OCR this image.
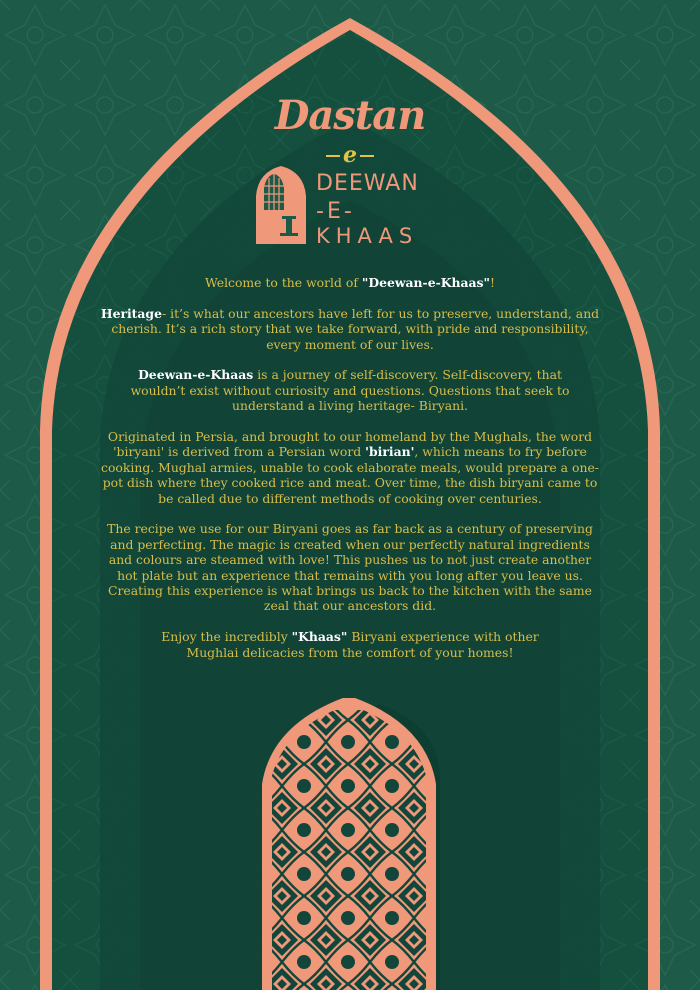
Dastan
e
DEEWAN
-E-
KHAAS

Welcome to the world of "Deewan-e-Khaas"!

Heritage- it’s what our ancestors have left for us to preserve, understand, and cherish. It’s a rich story that we take forward, with pride and responsibility, every moment of our lives.

Deewan-e-Khaas is a journey of self-discovery. Self-discovery, that wouldn’t exist without curiosity and questions. Questions that seek to understand a living heritage- Biryani.

Originated in Persia, and brought to our homeland by the Mughals, the word 'biryani' is derived from a Persian word 'birian', which means to fry before cooking. Mughal armies, unable to cook elaborate meals, would prepare a one-pot dish where they cooked rice and meat. Over time, the dish biryani came to be called due to different methods of cooking over centuries.

The recipe we use for our Biryani goes as far back as a century of preserving and perfecting. The magic is created when our perfectly natural ingredients and colours are steamed with love! This pushes us to not just create another hot plate but an experience that remains with you long after you leave us. Creating this experience is what brings us back to the kitchen with the same zeal that our ancestors did.

Enjoy the incredibly "Khaas" Biryani experience with other Mughlai delicacies from the comfort of your homes!
